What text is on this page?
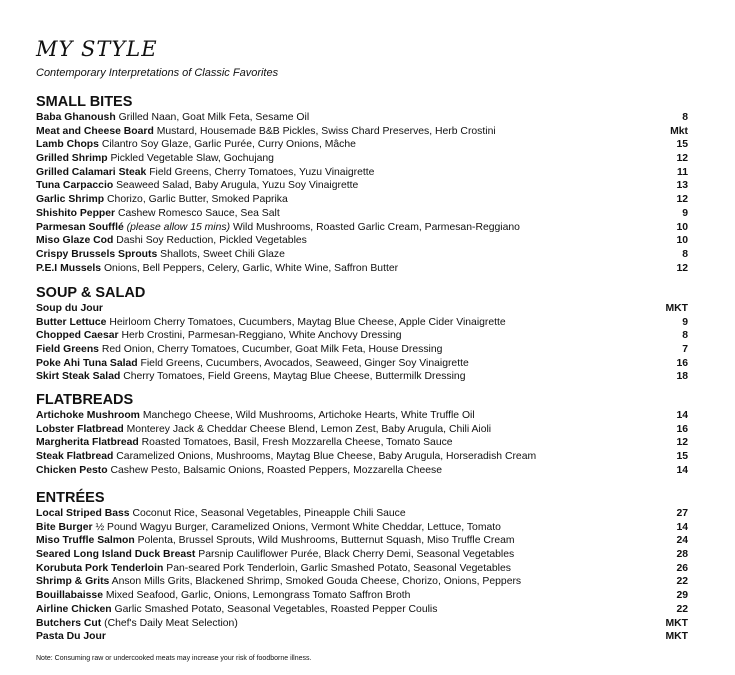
MY STYLE
Contemporary Interpretations of Classic Favorites
SMALL BITES
Baba Ghanoush Grilled Naan, Goat Milk Feta, Sesame Oil	8
Meat and Cheese Board Mustard, Housemade B&B Pickles, Swiss Chard Preserves, Herb Crostini	Mkt
Lamb Chops Cilantro Soy Glaze, Garlic Purée, Curry Onions, Mâche	15
Grilled Shrimp Pickled Vegetable Slaw, Gochujang	12
Grilled Calamari Steak Field Greens, Cherry Tomatoes, Yuzu Vinaigrette	11
Tuna Carpaccio Seaweed Salad, Baby Arugula, Yuzu Soy Vinaigrette	13
Garlic Shrimp Chorizo, Garlic Butter, Smoked Paprika	12
Shishito Pepper Cashew Romesco Sauce, Sea Salt	9
Parmesan Soufflé (please allow 15 mins) Wild Mushrooms, Roasted Garlic Cream, Parmesan-Reggiano	10
Miso Glaze Cod Dashi Soy Reduction, Pickled Vegetables	10
Crispy Brussels Sprouts Shallots, Sweet Chili Glaze	8
P.E.I Mussels Onions, Bell Peppers, Celery, Garlic, White Wine, Saffron Butter	12
SOUP & SALAD
Soup du Jour	MKT
Butter Lettuce Heirloom Cherry Tomatoes, Cucumbers, Maytag Blue Cheese, Apple Cider Vinaigrette	9
Chopped Caesar Herb Crostini, Parmesan-Reggiano, White Anchovy Dressing	8
Field Greens Red Onion, Cherry Tomatoes, Cucumber, Goat Milk Feta, House Dressing	7
Poke Ahi Tuna Salad Field Greens, Cucumbers, Avocados, Seaweed, Ginger Soy Vinaigrette	16
Skirt Steak Salad Cherry Tomatoes, Field Greens, Maytag Blue Cheese, Buttermilk Dressing	18
FLATBREADS
Artichoke Mushroom Manchego Cheese, Wild Mushrooms, Artichoke Hearts, White Truffle Oil	14
Lobster Flatbread Monterey Jack & Cheddar Cheese Blend, Lemon Zest, Baby Arugula, Chili Aioli	16
Margherita Flatbread Roasted Tomatoes, Basil, Fresh Mozzarella Cheese, Tomato Sauce	12
Steak Flatbread Caramelized Onions, Mushrooms, Maytag Blue Cheese, Baby Arugula, Horseradish Cream	15
Chicken Pesto Cashew Pesto, Balsamic Onions, Roasted Peppers, Mozzarella Cheese	14
ENTRÉES
Local Striped Bass Coconut Rice, Seasonal Vegetables, Pineapple Chili Sauce	27
Bite Burger ½ Pound Wagyu Burger, Caramelized Onions, Vermont White Cheddar, Lettuce, Tomato	14
Miso Truffle Salmon Polenta, Brussel Sprouts, Wild Mushrooms, Butternut Squash, Miso Truffle Cream	24
Seared Long Island Duck Breast Parsnip Cauliflower Purée, Black Cherry Demi, Seasonal Vegetables	28
Korubuta Pork Tenderloin Pan-seared Pork Tenderloin, Garlic Smashed Potato, Seasonal Vegetables	26
Shrimp & Grits Anson Mills Grits, Blackened Shrimp, Smoked Gouda Cheese, Chorizo, Onions, Peppers	22
Bouillabaisse Mixed Seafood, Garlic, Onions, Lemongrass Tomato Saffron Broth	29
Airline Chicken Garlic Smashed Potato, Seasonal Vegetables, Roasted Pepper Coulis	22
Butchers Cut (Chef's Daily Meat Selection)	MKT
Pasta Du Jour	MKT
Note: Consuming raw or undercooked meats may increase your risk of foodborne illness.
